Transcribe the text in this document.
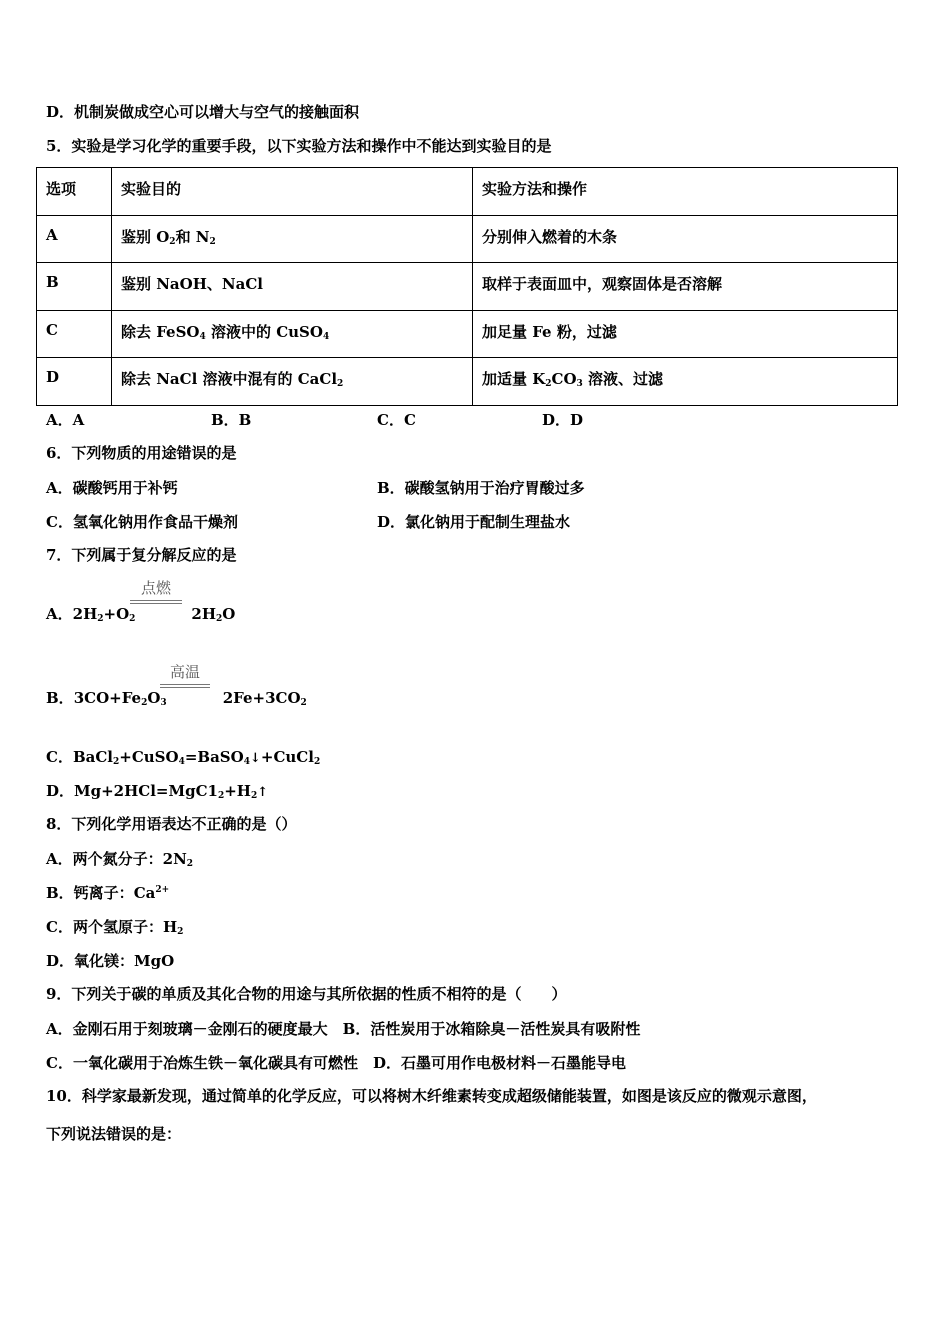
D．机制炭做成空心可以增大与空气的接触面积
5．实验是学习化学的重要手段，以下实验方法和操作中不能达到实验目的是
选项	实验目的	实验方法和操作
A	鉴别 $O_2$和 $N_2$	分别伸入燃着的木条
B	鉴别 NaOH、NaCl	取样于表面皿中，观察固体是否溶解
C	除去 FeSO$_4$ 溶液中的 CuSO$_4$	加足量 Fe 粉，过滤
D	除去 NaCl 溶液中混有的 CaCl$_2$	加适量 $K_2CO_3$ 溶液、过滤
A．A	B．B	C．C	D．D
6．下列物质的用途错误的是
A．碳酸钙用于补钙	B．碳酸氢钠用于治疗胃酸过多
C．氢氧化钠用作食品干燥剂	D．氯化钠用于配制生理盐水
7．下列属于复分解反应的是
点燃
A．$2H_2+O_2$	$2H_2O$
高温
B．$3CO+Fe_2O_3$	$2Fe+3CO_2$
C．BaCl$_2$+CuSO$_4$=BaSO$_4$↓+CuCl$_2$
D．$Mg+2HCl=MgC1_2+H_2↑$
8．下列化学用语表达不正确的是（）
A．两个氮分子：$2N_2$
B．钙离子：$Ca^{2+}$
C．两个氢原子：$H_2$
D．氧化镁：MgO
9．下列关于碳的单质及其化合物的用途与其所依据的性质不相符的是（　　）
A．金刚石用于刻玻璃－金刚石的硬度最大　B．活性炭用于冰箱除臭－活性炭具有吸附性
C．一氧化碳用于冶炼生铁－氧化碳具有可燃性　D．石墨可用作电极材料－石墨能导电
10．科学家最新发现，通过简单的化学反应，可以将树木纤维素转变成超级储能装置，如图是该反应的微观示意图，
下列说法错误的是：
